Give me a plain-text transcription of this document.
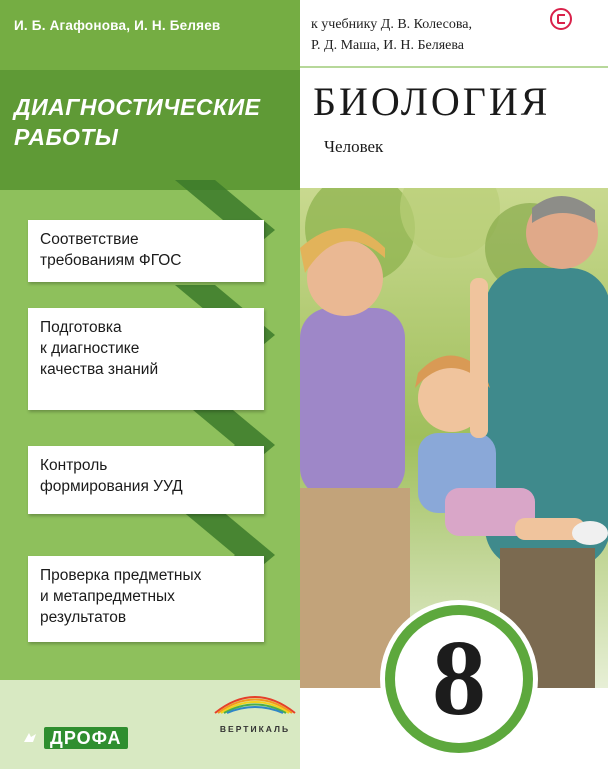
И. Б. Агафонова, И. Н. Беляев
ДИАГНОСТИЧЕСКИЕ
РАБОТЫ
Соответствие
требованиям ФГОС
Подготовка
к диагностике
качества знаний
Контроль
формирования УУД
Проверка предметных
и метапредметных
результатов
к учебнику Д. В. Колесова,
Р. Д. Маша, И. Н. Беляева
БИОЛОГИЯ
Человек
8
ДРОФА	ВЕРТИКАЛЬ
